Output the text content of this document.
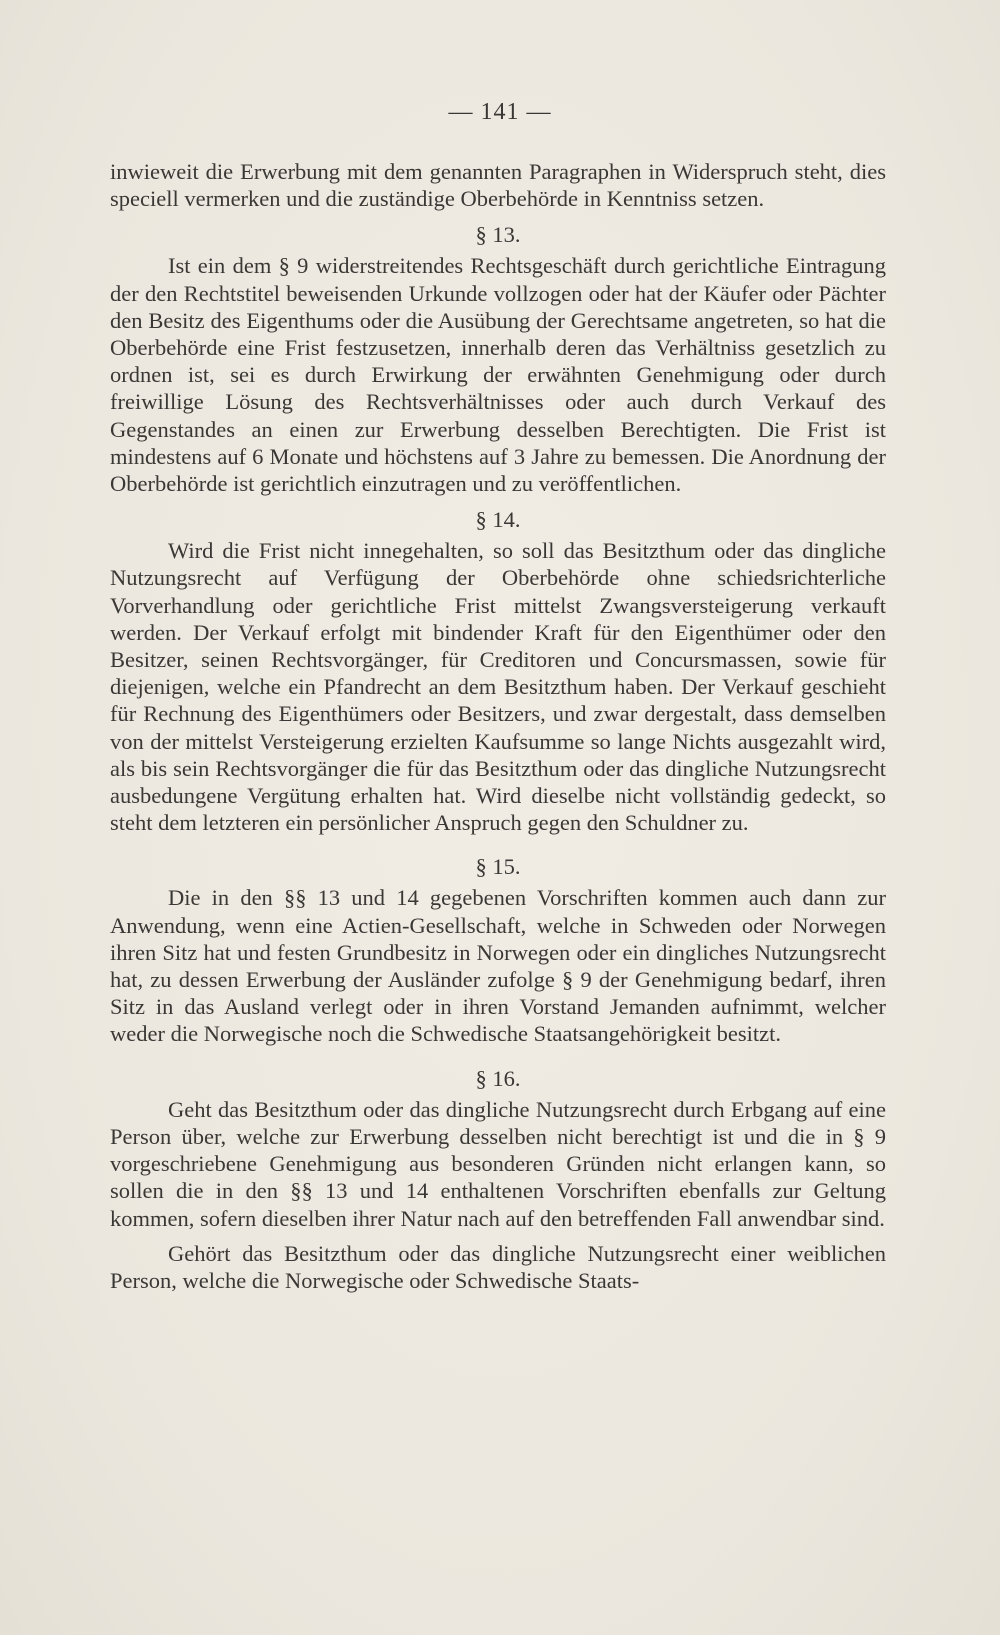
— 141 —

inwieweit die Erwerbung mit dem genannten Paragraphen in Widerspruch steht, dies speciell vermerken und die zuständige Oberbehörde in Kenntniss setzen.

§ 13.

Ist ein dem § 9 widerstreitendes Rechtsgeschäft durch gerichtliche Eintragung der den Rechtstitel beweisenden Urkunde vollzogen oder hat der Käufer oder Pächter den Besitz des Eigenthums oder die Ausübung der Gerechtsame angetreten, so hat die Oberbehörde eine Frist festzusetzen, innerhalb deren das Verhältniss gesetzlich zu ordnen ist, sei es durch Erwirkung der erwähnten Genehmigung oder durch freiwillige Lösung des Rechtsverhältnisses oder auch durch Verkauf des Gegenstandes an einen zur Erwerbung desselben Berechtigten. Die Frist ist mindestens auf 6 Monate und höchstens auf 3 Jahre zu bemessen. Die Anordnung der Oberbehörde ist gerichtlich einzutragen und zu veröffentlichen.

§ 14.

Wird die Frist nicht innegehalten, so soll das Besitzthum oder das dingliche Nutzungsrecht auf Verfügung der Oberbehörde ohne schiedsrichterliche Vorverhandlung oder gerichtliche Frist mittelst Zwangsversteigerung verkauft werden. Der Verkauf erfolgt mit bindender Kraft für den Eigenthümer oder den Besitzer, seinen Rechtsvorgänger, für Creditoren und Concursmassen, sowie für diejenigen, welche ein Pfandrecht an dem Besitzthum haben. Der Verkauf geschieht für Rechnung des Eigenthümers oder Besitzers, und zwar dergestalt, dass demselben von der mittelst Versteigerung erzielten Kaufsumme so lange Nichts ausgezahlt wird, als bis sein Rechtsvorgänger die für das Besitzthum oder das dingliche Nutzungsrecht ausbedungene Vergütung erhalten hat. Wird dieselbe nicht vollständig gedeckt, so steht dem letzteren ein persönlicher Anspruch gegen den Schuldner zu.

§ 15.

Die in den §§ 13 und 14 gegebenen Vorschriften kommen auch dann zur Anwendung, wenn eine Actien-Gesellschaft, welche in Schweden oder Norwegen ihren Sitz hat und festen Grundbesitz in Norwegen oder ein dingliches Nutzungsrecht hat, zu dessen Erwerbung der Ausländer zufolge § 9 der Genehmigung bedarf, ihren Sitz in das Ausland verlegt oder in ihren Vorstand Jemanden aufnimmt, welcher weder die Norwegische noch die Schwedische Staatsangehörigkeit besitzt.

§ 16.

Geht das Besitzthum oder das dingliche Nutzungsrecht durch Erbgang auf eine Person über, welche zur Erwerbung desselben nicht berechtigt ist und die in § 9 vorgeschriebene Genehmigung aus besonderen Gründen nicht erlangen kann, so sollen die in den §§ 13 und 14 enthaltenen Vorschriften ebenfalls zur Geltung kommen, sofern dieselben ihrer Natur nach auf den betreffenden Fall anwendbar sind.

Gehört das Besitzthum oder das dingliche Nutzungsrecht einer weiblichen Person, welche die Norwegische oder Schwedische Staats-
